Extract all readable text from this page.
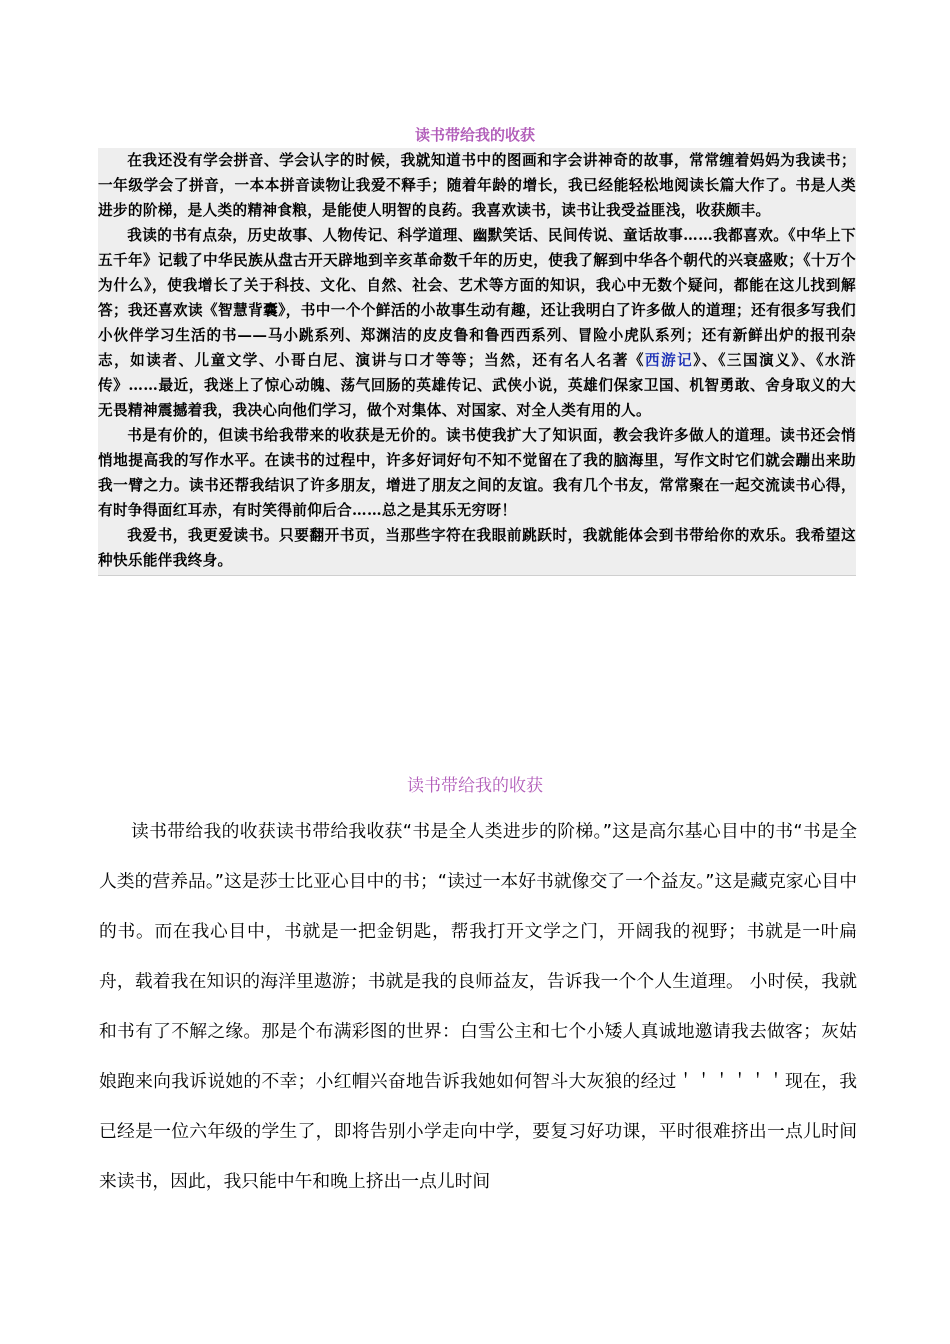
读书带给我的收获

在我还没有学会拼音、学会认字的时候，我就知道书中的图画和字会讲神奇的故事，常常缠着妈妈为我读书；一年级学会了拼音，一本本拼音读物让我爱不释手；随着年龄的增长，我已经能轻松地阅读长篇大作了。书是人类进步的阶梯，是人类的精神食粮，是能使人明智的良药。我喜欢读书，读书让我受益匪浅，收获颇丰。

我读的书有点杂，历史故事、人物传记、科学道理、幽默笑话、民间传说、童话故事……我都喜欢。《中华上下五千年》记载了中华民族从盘古开天辟地到辛亥革命数千年的历史，使我了解到中华各个朝代的兴衰盛败；《十万个为什么》，使我增长了关于科技、文化、自然、社会、艺术等方面的知识，我心中无数个疑问，都能在这儿找到解答；我还喜欢读《智慧背囊》，书中一个个鲜活的小故事生动有趣，还让我明白了许多做人的道理；还有很多写我们小伙伴学习生活的书——马小跳系列、郑渊洁的皮皮鲁和鲁西西系列、冒险小虎队系列；还有新鲜出炉的报刊杂志，如读者、儿童文学、小哥白尼、演讲与口才等等；当然，还有名人名著《西游记》、《三国演义》、《水浒传》……最近，我迷上了惊心动魄、荡气回肠的英雄传记、武侠小说，英雄们保家卫国、机智勇敢、舍身取义的大无畏精神震撼着我，我决心向他们学习，做个对集体、对国家、对全人类有用的人。

书是有价的，但读书给我带来的收获是无价的。读书使我扩大了知识面，教会我许多做人的道理。读书还会悄悄地提高我的写作水平。在读书的过程中，许多好词好句不知不觉留在了我的脑海里，写作文时它们就会蹦出来助我一臂之力。读书还帮我结识了许多朋友，增进了朋友之间的友谊。我有几个书友，常常聚在一起交流读书心得，有时争得面红耳赤，有时笑得前仰后合……总之是其乐无穷呀！

我爱书，我更爱读书。只要翻开书页，当那些字符在我眼前跳跃时，我就能体会到书带给你的欢乐。我希望这种快乐能伴我终身。

读书带给我的收获

读书带给我的收获读书带给我收获“书是全人类进步的阶梯。”这是高尔基心目中的书“书是全人类的营养品。”这是莎士比亚心目中的书；“读过一本好书就像交了一个益友。”这是藏克家心目中的书。而在我心目中，书就是一把金钥匙，帮我打开文学之门，开阔我的视野；书就是一叶扁舟，载着我在知识的海洋里遨游；书就是我的良师益友，告诉我一个个人生道理。 小时侯，我就和书有了不解之缘。那是个布满彩图的世界：白雪公主和七个小矮人真诚地邀请我去做客；灰姑娘跑来向我诉说她的不幸；小红帽兴奋地告诉我她如何智斗大灰狼的经过＇＇＇＇＇＇现在，我已经是一位六年级的学生了，即将告别小学走向中学，要复习好功课，平时很难挤出一点儿时间来读书，因此，我只能中午和晚上挤出一点儿时间
